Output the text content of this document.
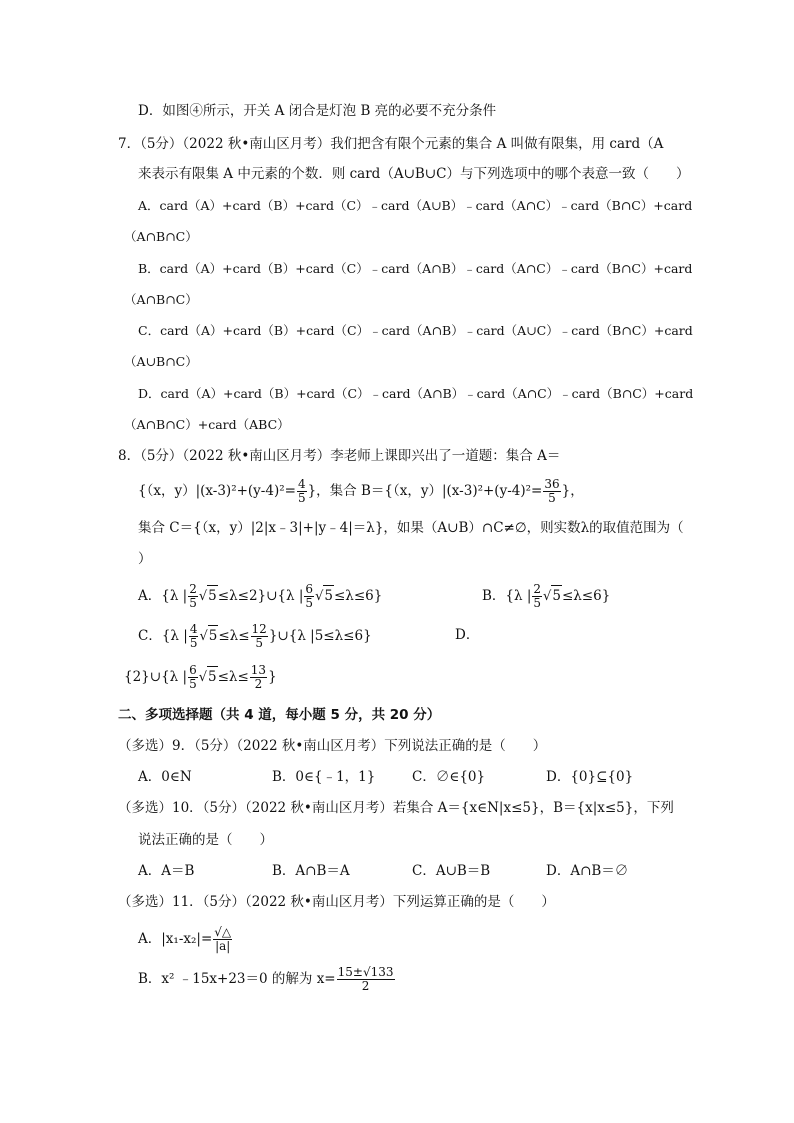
D．如图④所示，开关 A 闭合是灯泡 B 亮的必要不充分条件
7．（5分）（2022 秋•南山区月考）我们把含有限个元素的集合 A 叫做有限集，用 card（A
来表示有限集 A 中元素的个数．则 card（A∪B∪C）与下列选项中的哪个表意一致（　　）
A．card（A）+card（B）+card（C）﹣card（A∪B）﹣card（A∩C）﹣card（B∩C）+card
（A∩B∩C）
B．card（A）+card（B）+card（C）﹣card（A∩B）﹣card（A∩C）﹣card（B∩C）+card
（A∩B∩C）
C．card（A）+card（B）+card（C）﹣card（A∩B）﹣card（A∪C）﹣card（B∩C）+card
（A∪B∩C）
D．card（A）+card（B）+card（C）﹣card（A∩B）﹣card（A∩C）﹣card（B∩C）+card
（A∩B∩C）+card（ABC）
8．（5分）（2022 秋•南山区月考）李老师上课即兴出了一道题：集合 A＝
{（x，$y)|(x-3)^2+(y-4)^2= \frac{4}{5}$ }，集合 B＝{（x，$y)|(x-3)^2+(y-4)^2= \frac{36}{5}$ }，
集合 C＝{（x，y）|2|x﹣3|+|y﹣4|＝λ}，如果（A∪B）∩C≠∅，则实数λ的取值范围为（
）
A．{λ | $\frac{2}{5}$ √5≤λ≤2}∪{λ | $\frac{6}{5} √5\le\lambda\le 6$}	B．{λ | $\frac{2}{5} √5\le\lambda\le 6$}
C．{λ | $\frac{4}{5} √5\le\lambda\le \frac{12}{5}$ }∪{λ |5≤λ≤6}	D．
{2}∪{λ | $\frac{6}{5} √5\le\lambda\le \frac{13}{2}$ }
二、多项选择题（共 4 道，每小题 5 分，共 20 分）
（多选）9．（5分）（2022 秋•南山区月考）下列说法正确的是（　　）
A．0∈N	B．0∈{﹣1，1}	C．∅∈{0}	D．{0}⊆{0}
（多选）10．（5分）（2022 秋•南山区月考）若集合 A＝{x∈N|x≤5}，B＝{x|x≤5}，下列
说法正确的是（　　）
A．A＝B	B．A∩B＝A	C．A∪B＝B	D．A∩B＝∅
（多选）11．（5分）（2022 秋•南山区月考）下列运算正确的是（　　）
A．$|x_1-x_2|= \frac{√\triangle}{|a|}$
B．x² ﹣15x+23＝0 的解为 $x= \frac{15\pm√133}{2}$
